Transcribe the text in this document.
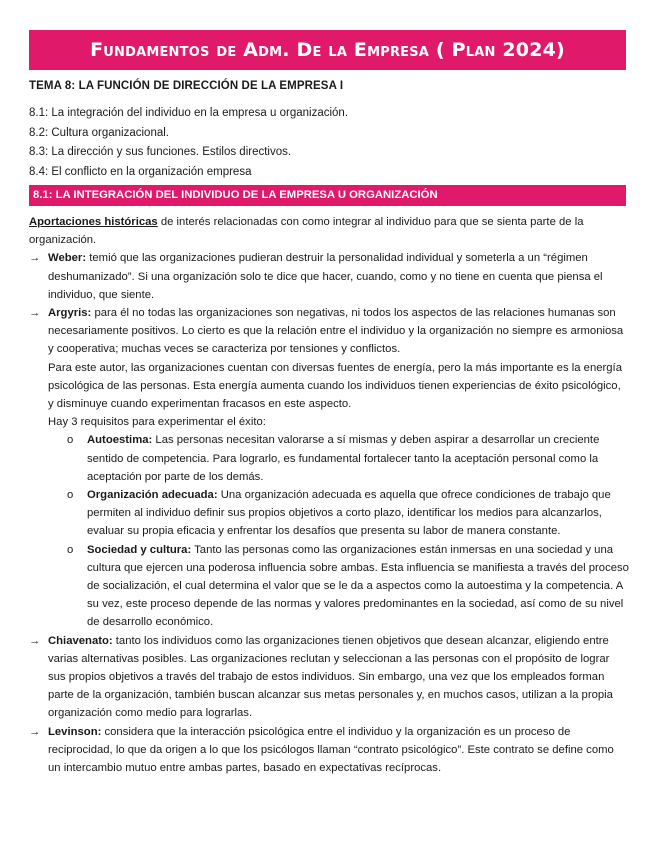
Fundamentos de Adm. De la Empresa ( Plan 2024)
TEMA 8: LA FUNCIÓN DE DIRECCIÓN DE LA EMPRESA I
8.1: La integración del individuo en la empresa u organización.
8.2: Cultura organizacional.
8.3: La dirección y sus funciones. Estilos directivos.
8.4: El conflicto en la organización empresa
8.1: LA INTEGRACIÓN DEL INDIVIDUO DE LA EMPRESA U ORGANIZACIÓN

Aportaciones históricas de interés relacionadas con como integrar al individuo para que se sienta parte de la organización.

→ Weber: temió que las organizaciones pudieran destruir la personalidad individual y someterla a un “régimen deshumanizado”. Si una organización solo te dice que hacer, cuando, como y no tiene en cuenta que piensa el individuo, que siente.
→ Argyris: para él no todas las organizaciones son negativas, ni todos los aspectos de las relaciones humanas son necesariamente positivos. Lo cierto es que la relación entre el individuo y la organización no siempre es armoniosa y cooperativa; muchas veces se caracteriza por tensiones y conflictos.
Para este autor, las organizaciones cuentan con diversas fuentes de energía, pero la más importante es la energía psicológica de las personas. Esta energía aumenta cuando los individuos tienen experiencias de éxito psicológico, y disminuye cuando experimentan fracasos en este aspecto.
Hay 3 requisitos para experimentar el éxito:
o Autoestima: Las personas necesitan valorarse a sí mismas y deben aspirar a desarrollar un creciente sentido de competencia. Para lograrlo, es fundamental fortalecer tanto la aceptación personal como la aceptación por parte de los demás.
o Organización adecuada: Una organización adecuada es aquella que ofrece condiciones de trabajo que permiten al individuo definir sus propios objetivos a corto plazo, identificar los medios para alcanzarlos, evaluar su propia eficacia y enfrentar los desafíos que presenta su labor de manera constante.
o Sociedad y cultura: Tanto las personas como las organizaciones están inmersas en una sociedad y una cultura que ejercen una poderosa influencia sobre ambas. Esta influencia se manifiesta a través del proceso de socialización, el cual determina el valor que se le da a aspectos como la autoestima y la competencia. A su vez, este proceso depende de las normas y valores predominantes en la sociedad, así como de su nivel de desarrollo económico.
→ Chiavenato: tanto los individuos como las organizaciones tienen objetivos que desean alcanzar, eligiendo entre varias alternativas posibles. Las organizaciones reclutan y seleccionan a las personas con el propósito de lograr sus propios objetivos a través del trabajo de estos individuos. Sin embargo, una vez que los empleados forman parte de la organización, también buscan alcanzar sus metas personales y, en muchos casos, utilizan a la propia organización como medio para lograrlas.
→ Levinson: considera que la interacción psicológica entre el individuo y la organización es un proceso de reciprocidad, lo que da origen a lo que los psicólogos llaman “contrato psicológico”. Este contrato se define como un intercambio mutuo entre ambas partes, basado en expectativas recíprocas.
